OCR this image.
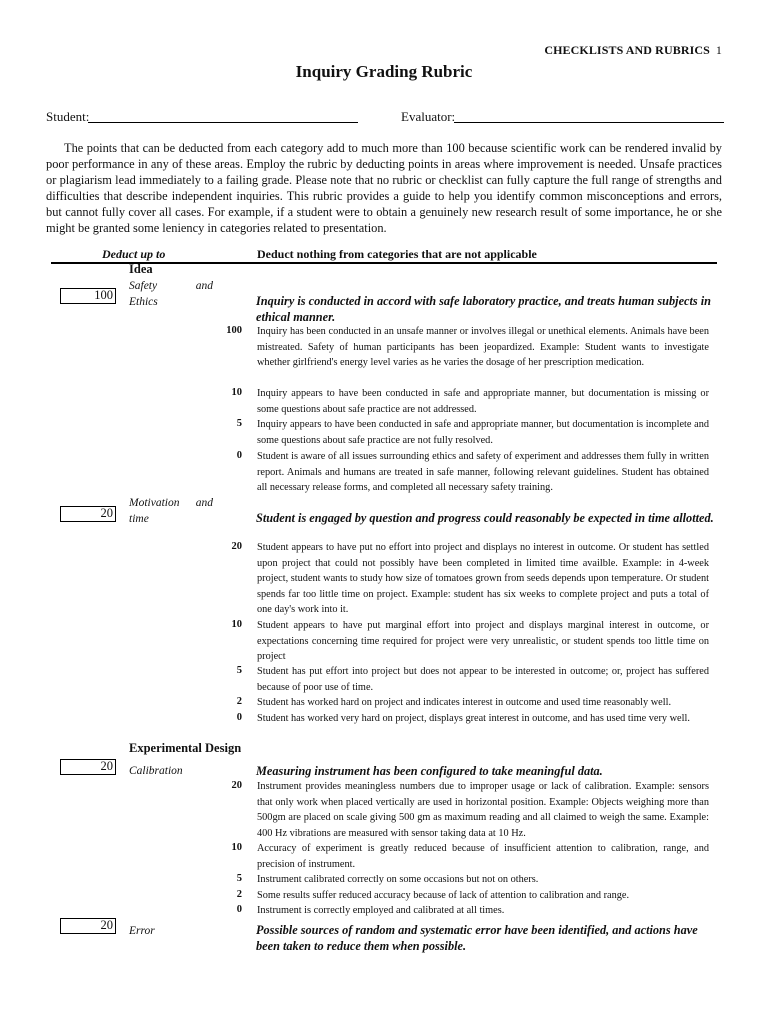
CHECKLISTS AND RUBRICS 1
Inquiry Grading Rubric
Student:	Evaluator:

The points that can be deducted from each category add to much more than 100 because scientific work can be rendered invalid by poor performance in any of these areas. Employ the rubric by deducting points in areas where improvement is needed. Unsafe practices or plagiarism lead immediately to a failing grade. Please note that no rubric or checklist can fully capture the full range of strengths and difficulties that describe independent inquiries. This rubric provides a guide to help you identify common misconceptions and errors, but cannot fully cover all cases. For example, if a student were to obtain a genuinely new research result of some importance, he or she might be granted some leniency in categories related to presentation.

Deduct up to	Deduct nothing from categories that are not applicable
Idea
Safety	and
Ethics
100	Inquiry is conducted in accord with safe laboratory practice, and treats human subjects in ethical manner.
100 Inquiry has been conducted in an unsafe manner or involves illegal or unethical elements. Animals have been mistreated. Safety of human participants has been jeopardized. Example: Student wants to investigate whether girlfriend's energy level varies as he varies the dosage of her prescription medication.
10 Inquiry appears to have been conducted in safe and appropriate manner, but documentation is missing or some questions about safe practice are not addressed.
5 Inquiry appears to have been conducted in safe and appropriate manner, but documentation is incomplete and some questions about safe practice are not fully resolved.
0 Student is aware of all issues surrounding ethics and safety of experiment and addresses them fully in written report. Animals and humans are treated in safe manner, following relevant guidelines. Student has obtained all necessary release forms, and completed all necessary safety training.
Motivation and
time
20	Student is engaged by question and progress could reasonably be expected in time allotted.
20 Student appears to have put no effort into project and displays no interest in outcome. Or student has settled upon project that could not possibly have been completed in limited time availble. Example: in 4-week project, student wants to study how size of tomatoes grown from seeds depends upon temperature. Or student spends far too little time on project. Example: student has six weeks to complete project and puts a total of one day's work into it.
10 Student appears to have put marginal effort into project and displays marginal interest in outcome, or expectations concerning time required for project were very unrealistic, or student spends too little time on project
5 Student has put effort into project but does not appear to be interested in outcome; or, project has suffered because of poor use of time.
2 Student has worked hard on project and indicates interest in outcome and used time reasonably well.
0 Student has worked very hard on project, displays great interest in outcome, and has used time very well.
Experimental Design
Calibration
20	Measuring instrument has been configured to take meaningful data.
20 Instrument provides meaningless numbers due to improper usage or lack of calibration. Example: sensors that only work when placed vertically are used in horizontal position. Example: Objects weighing more than 500gm are placed on scale giving 500 gm as maximum reading and all claimed to weigh the same. Example: 400 Hz vibrations are measured with sensor taking data at 10 Hz.
10 Accuracy of experiment is greatly reduced because of insufficient attention to calibration, range, and precision of instrument.
5 Instrument calibrated correctly on some occasions but not on others.
2 Some results suffer reduced accuracy because of lack of attention to calibration and range.
0 Instrument is correctly employed and calibrated at all times.
Error
20	Possible sources of random and systematic error have been identified, and actions have been taken to reduce them when possible.
